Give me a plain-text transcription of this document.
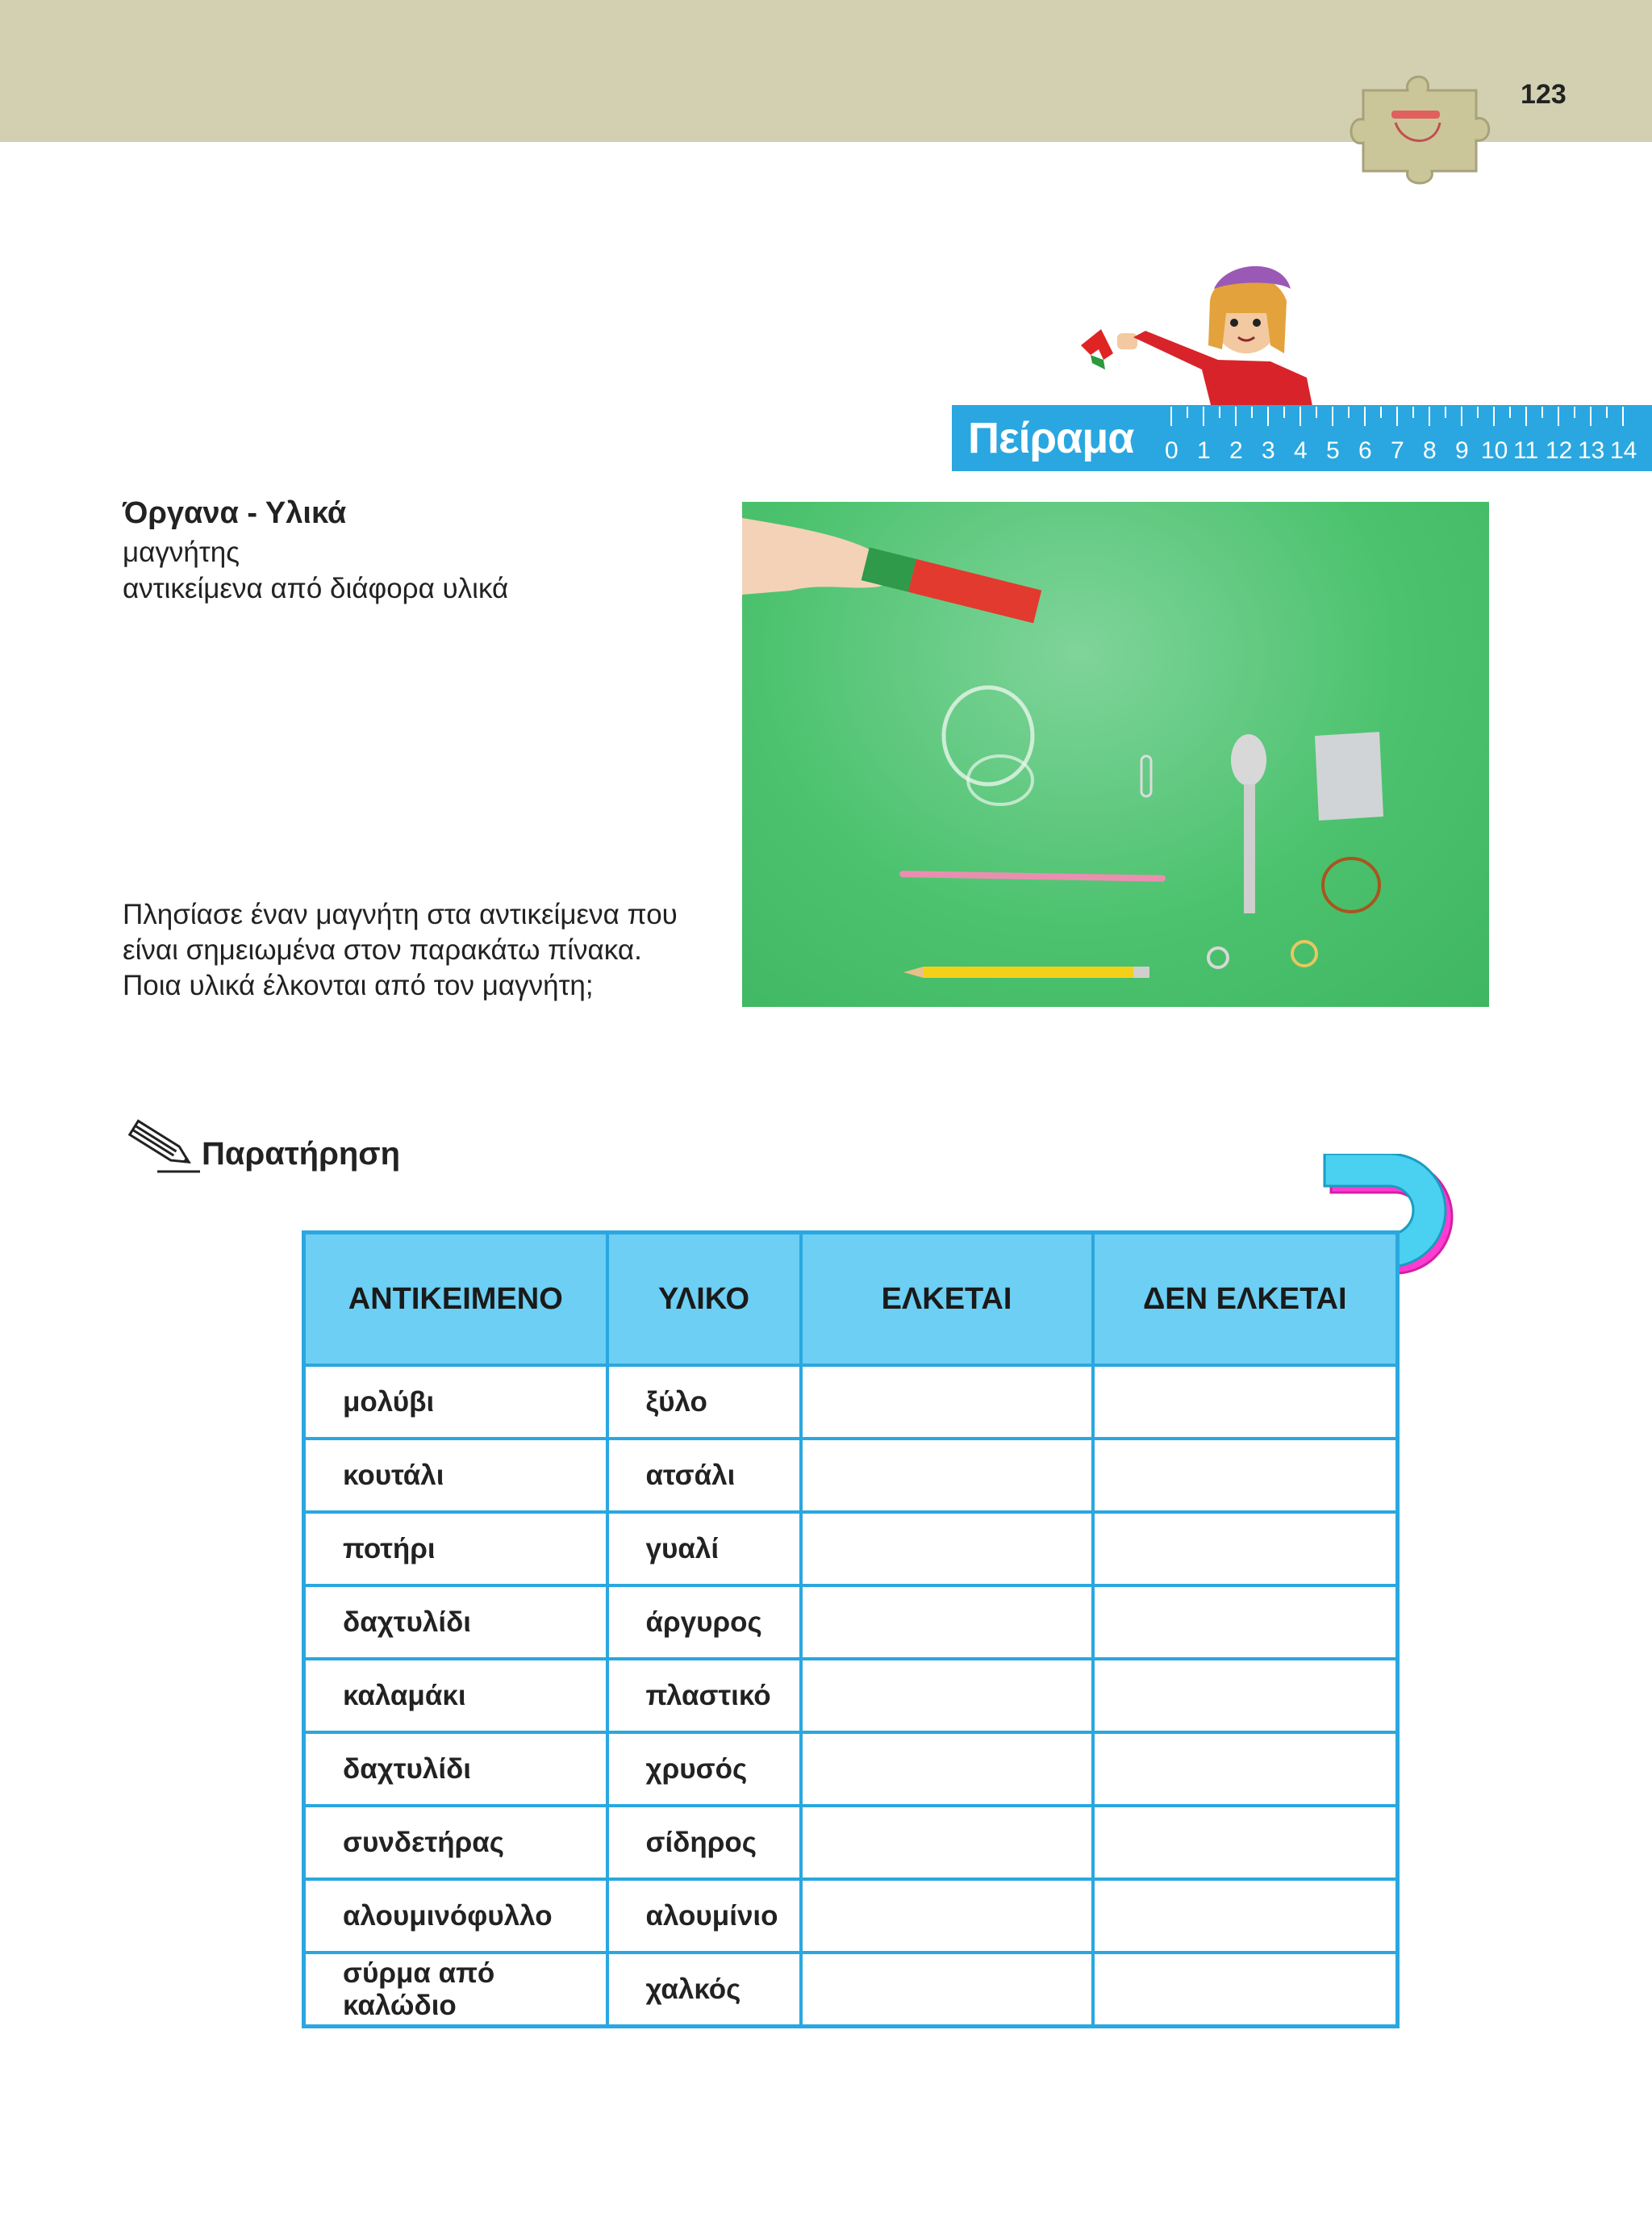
123
Πείραμα 0 1 2 3 4 5 6 7 8 9 10 11 12 13 14
Όργανα - Υλικά
μαγνήτης
αντικείμενα από διάφορα υλικά
Πλησίασε έναν μαγνήτη στα αντικείμενα που
είναι σημειωμένα στον παρακάτω πίνακα.
Ποια υλικά έλκονται από τον μαγνήτη;
Παρατήρηση
ΑΝΤΙΚΕΙΜΕΝΟ	ΥΛΙΚΟ	ΕΛΚΕΤΑΙ	ΔΕΝ ΕΛΚΕΤΑΙ
μολύβι	ξύλο		
κουτάλι	ατσάλι		
ποτήρι	γυαλί		
δαχτυλίδι	άργυρος		
καλαμάκι	πλαστικό		
δαχτυλίδι	χρυσός		
συνδετήρας	σίδηρος		
αλουμινόφυλλο	αλουμίνιο		
σύρμα από καλώδιο	χαλκός		
